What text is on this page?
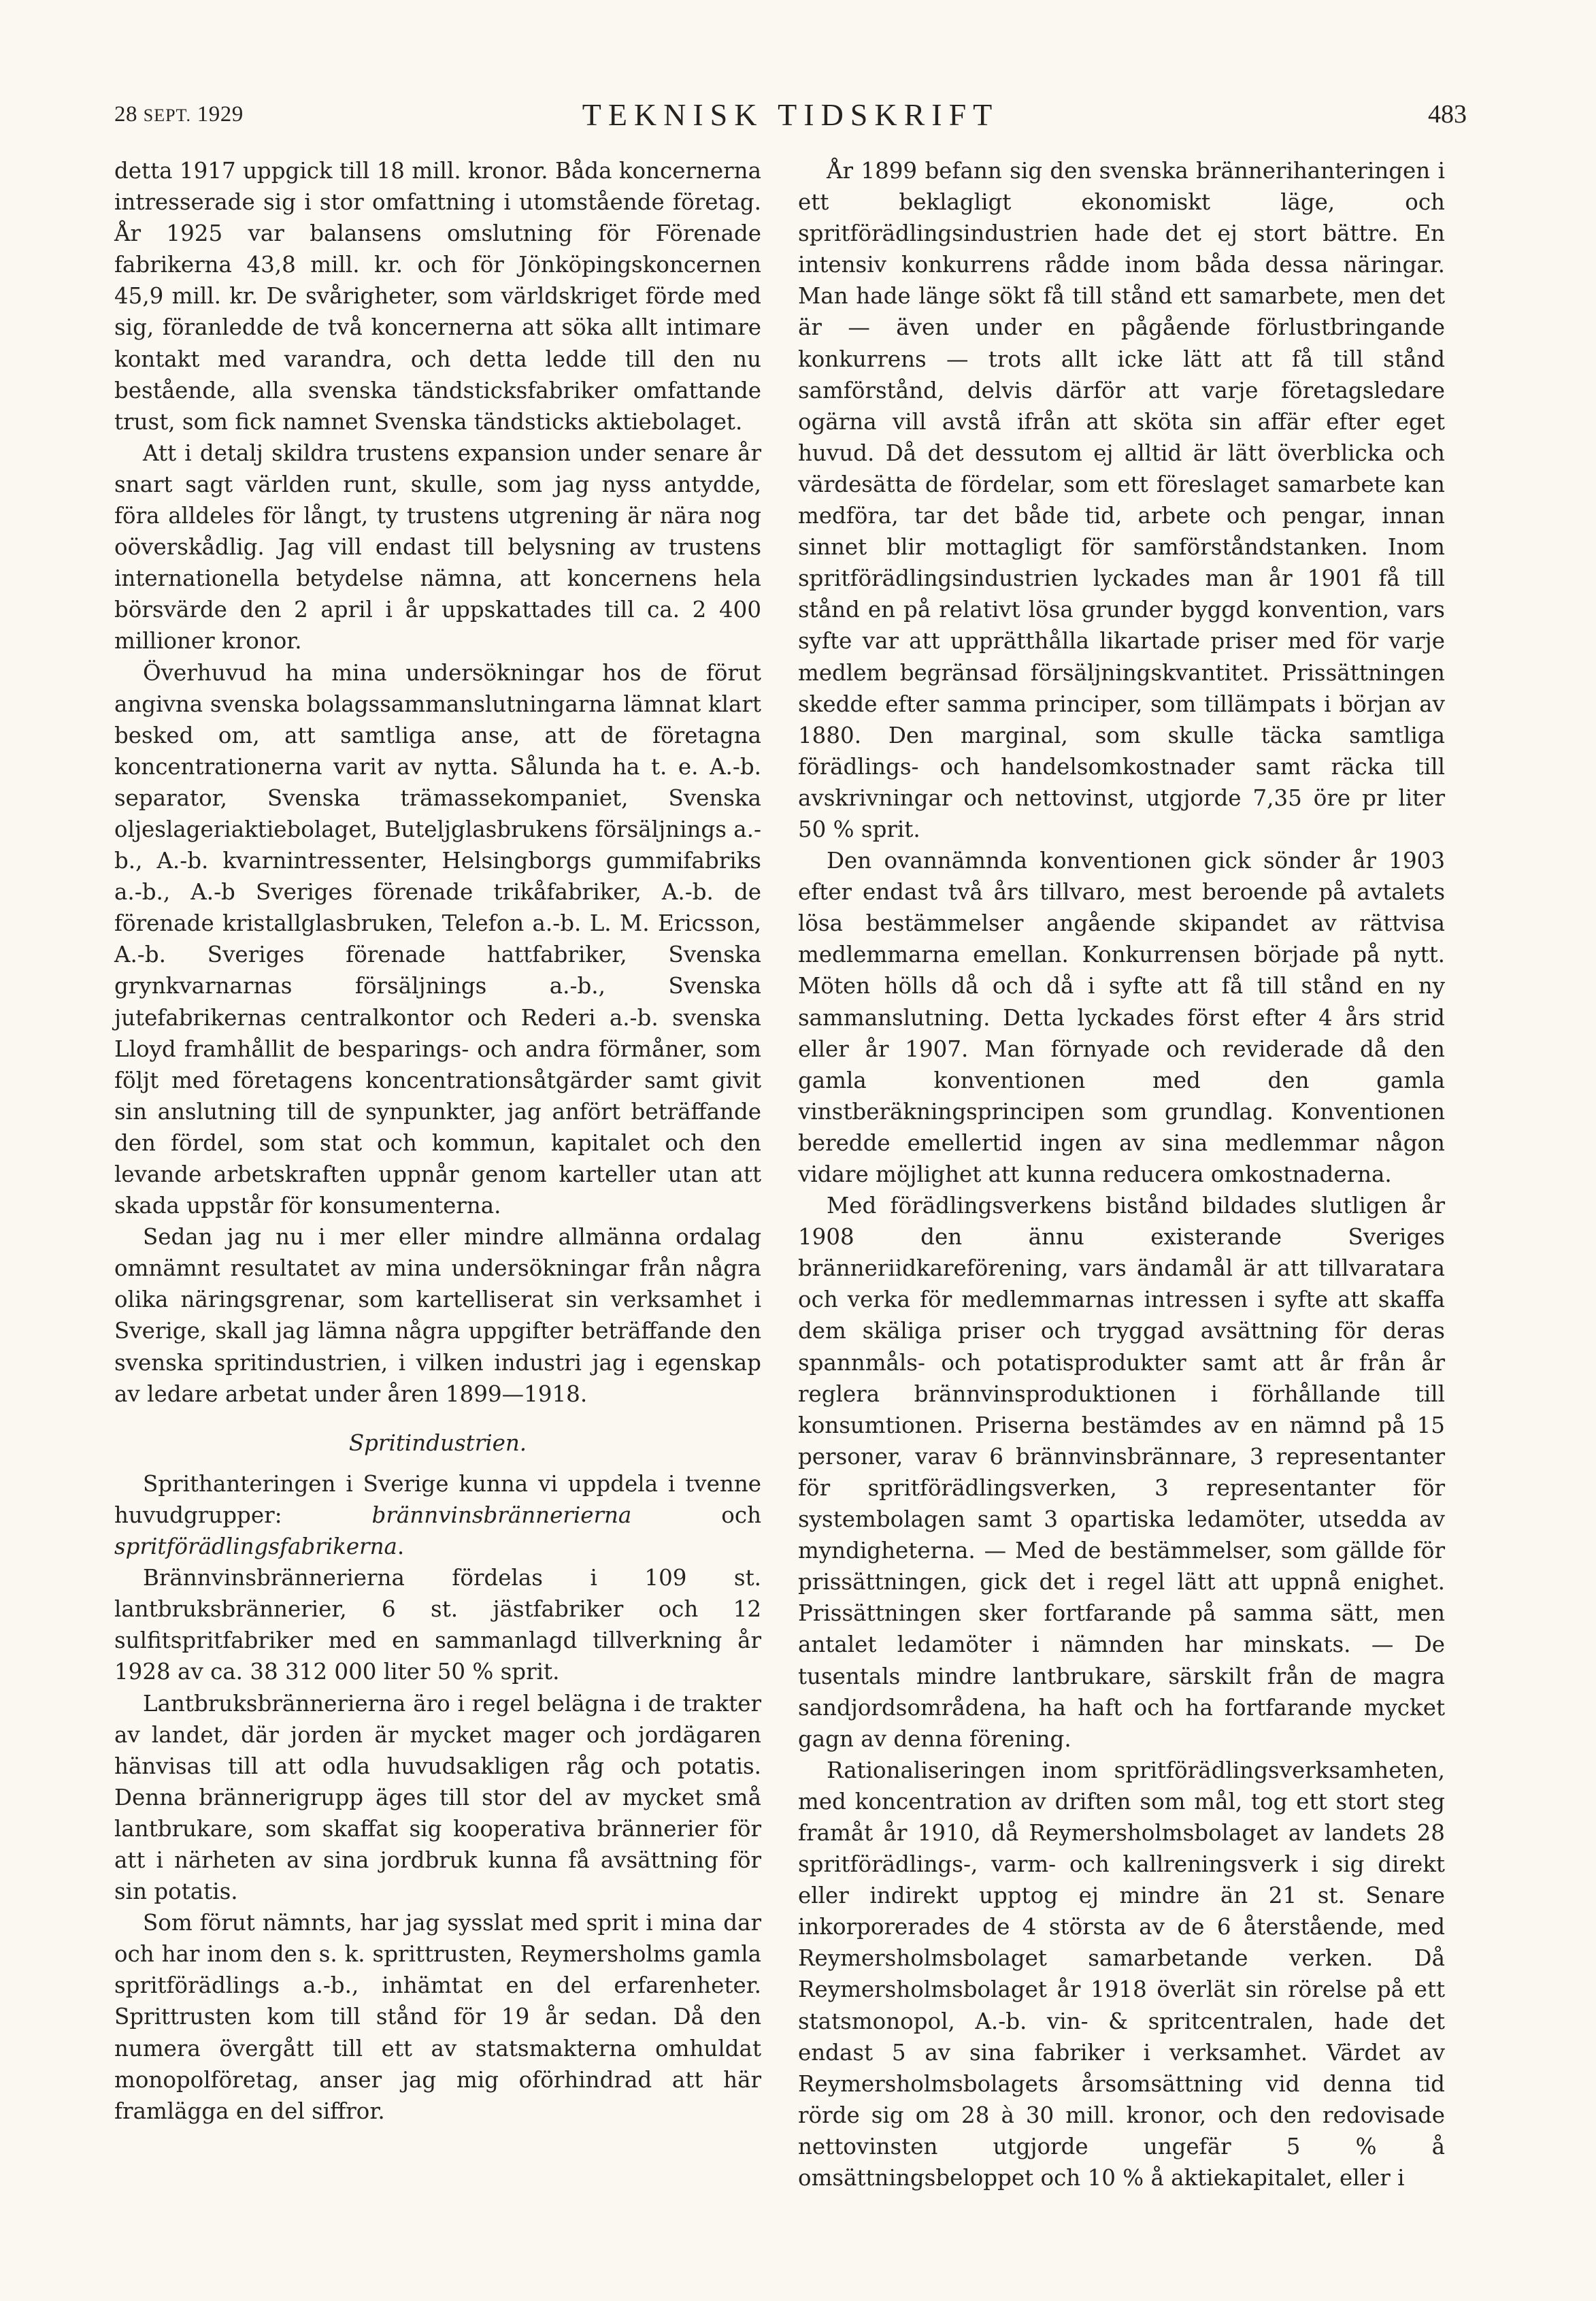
28 SEPT. 1929	TEKNISK TIDSKRIFT	483

detta 1917 uppgick till 18 mill. kronor. Båda koncernerna intresserade sig i stor omfattning i utomstående företag. År 1925 var balansens omslutning för Förenade fabrikerna 43,8 mill. kr. och för Jönköpingskoncernen 45,9 mill. kr. De svårigheter, som världskriget förde med sig, föranledde de två koncernerna att söka allt intimare kontakt med varandra, och detta ledde till den nu bestående, alla svenska tändsticksfabriker omfattande trust, som fick namnet Svenska tändsticks aktiebolaget.

Att i detalj skildra trustens expansion under senare år snart sagt världen runt, skulle, som jag nyss antydde, föra alldeles för långt, ty trustens utgrening är nära nog oöverskådlig. Jag vill endast till belysning av trustens internationella betydelse nämna, att koncernens hela börsvärde den 2 april i år uppskattades till ca. 2 400 millioner kronor.

Överhuvud ha mina undersökningar hos de förut angivna svenska bolagssammanslutningarna lämnat klart besked om, att samtliga anse, att de företagna koncentrationerna varit av nytta. Sålunda ha t. e. A.-b. separator, Svenska trämassekompaniet, Svenska oljeslageriaktiebolaget, Buteljglasbrukens försäljnings a.-b., A.-b. kvarnintressenter, Helsingborgs gummifabriks a.-b., A.-b Sveriges förenade trikåfabriker, A.-b. de förenade kristallglasbruken, Telefon a.-b. L. M. Ericsson, A.-b. Sveriges förenade hattfabriker, Svenska grynkvarnarnas försäljnings a.-b., Svenska jutefabrikernas centralkontor och Rederi a.-b. svenska Lloyd framhållit de besparings- och andra förmåner, som följt med företagens koncentrationsåtgärder samt givit sin anslutning till de synpunkter, jag anfört beträffande den fördel, som stat och kommun, kapitalet och den levande arbetskraften uppnår genom karteller utan att skada uppstår för konsumenterna.

Sedan jag nu i mer eller mindre allmänna ordalag omnämnt resultatet av mina undersökningar från några olika näringsgrenar, som kartelliserat sin verksamhet i Sverige, skall jag lämna några uppgifter beträffande den svenska spritindustrien, i vilken industri jag i egenskap av ledare arbetat under åren 1899—1918.

Spritindustrien.

Sprithanteringen i Sverige kunna vi uppdela i tvenne huvudgrupper: brännvinsbrännerierna och spritförädlingsfabrikerna.

Brännvinsbrännerierna fördelas i 109 st. lantbruksbrännerier, 6 st. jästfabriker och 12 sulfitspritfabriker med en sammanlagd tillverkning år 1928 av ca. 38 312 000 liter 50 % sprit.

Lantbruksbrännerierna äro i regel belägna i de trakter av landet, där jorden är mycket mager och jordägaren hänvisas till att odla huvudsakligen råg och potatis. Denna brännerigrupp äges till stor del av mycket små lantbrukare, som skaffat sig kooperativa brännerier för att i närheten av sina jordbruk kunna få avsättning för sin potatis.

Som förut nämnts, har jag sysslat med sprit i mina dar och har inom den s. k. sprittrusten, Reymersholms gamla spritförädlings a.-b., inhämtat en del erfarenheter. Sprittrusten kom till stånd för 19 år sedan. Då den numera övergått till ett av statsmakterna omhuldat monopolföretag, anser jag mig oförhindrad att här framlägga en del siffror.

År 1899 befann sig den svenska brännerihanteringen i ett beklagligt ekonomiskt läge, och spritförädlingsindustrien hade det ej stort bättre. En intensiv konkurrens rådde inom båda dessa näringar. Man hade länge sökt få till stånd ett samarbete, men det är — även under en pågående förlustbringande konkurrens — trots allt icke lätt att få till stånd samförstånd, delvis därför att varje företagsledare ogärna vill avstå ifrån att sköta sin affär efter eget huvud. Då det dessutom ej alltid är lätt överblicka och värdesätta de fördelar, som ett föreslaget samarbete kan medföra, tar det både tid, arbete och pengar, innan sinnet blir mottagligt för samförståndstanken. Inom spritförädlingsindustrien lyckades man år 1901 få till stånd en på relativt lösa grunder byggd konvention, vars syfte var att upprätthålla likartade priser med för varje medlem begränsad försäljningskvantitet. Prissättningen skedde efter samma principer, som tillämpats i början av 1880. Den marginal, som skulle täcka samtliga förädlings- och handelsomkostnader samt räcka till avskrivningar och nettovinst, utgjorde 7,35 öre pr liter 50 % sprit.

Den ovannämnda konventionen gick sönder år 1903 efter endast två års tillvaro, mest beroende på avtalets lösa bestämmelser angående skipandet av rättvisa medlemmarna emellan. Konkurrensen började på nytt. Möten hölls då och då i syfte att få till stånd en ny sammanslutning. Detta lyckades först efter 4 års strid eller år 1907. Man förnyade och reviderade då den gamla konventionen med den gamla vinstberäkningsprincipen som grundlag. Konventionen beredde emellertid ingen av sina medlemmar någon vidare möjlighet att kunna reducera omkostnaderna.

Med förädlingsverkens bistånd bildades slutligen år 1908 den ännu existerande Sveriges bränneriidkareförening, vars ändamål är att tillvaratага och verka för medlemmarnas intressen i syfte att skaffa dem skäliga priser och tryggad avsättning för deras spannmåls- och potatisprodukter samt att år från år reglera brännvinsproduktionen i förhållande till konsumtionen. Priserna bestämdes av en nämnd på 15 personer, varav 6 brännvinsbrännare, 3 representanter för spritförädlingsverken, 3 representanter för systembolagen samt 3 opartiska ledamöter, utsedda av myndigheterna. — Med de bestämmelser, som gällde för prissättningen, gick det i regel lätt att uppnå enighet. Prissättningen sker fortfarande på samma sätt, men antalet ledamöter i nämnden har minskats. — De tusentals mindre lantbrukare, särskilt från de magra sandjordsområdena, ha haft och ha fortfarande mycket gagn av denna förening.

Rationaliseringen inom spritförädlingsverksamheten, med koncentration av driften som mål, tog ett stort steg framåt år 1910, då Reymersholmsbolaget av landets 28 spritförädlings-, varm- och kallreningsverk i sig direkt eller indirekt upptog ej mindre än 21 st. Senare inkorporerades de 4 största av de 6 återstående, med Reymersholmsbolaget samarbetande verken. Då Reymersholmsbolaget år 1918 överlät sin rörelse på ett statsmonopol, A.-b. vin- & spritcentralen, hade det endast 5 av sina fabriker i verksamhet. Värdet av Reymersholmsbolagets årsomsättning vid denna tid rörde sig om 28 à 30 mill. kronor, och den redovisade nettovinsten utgjorde ungefär 5 % å omsättningsbeloppet och 10 % å aktiekapitalet, eller i
